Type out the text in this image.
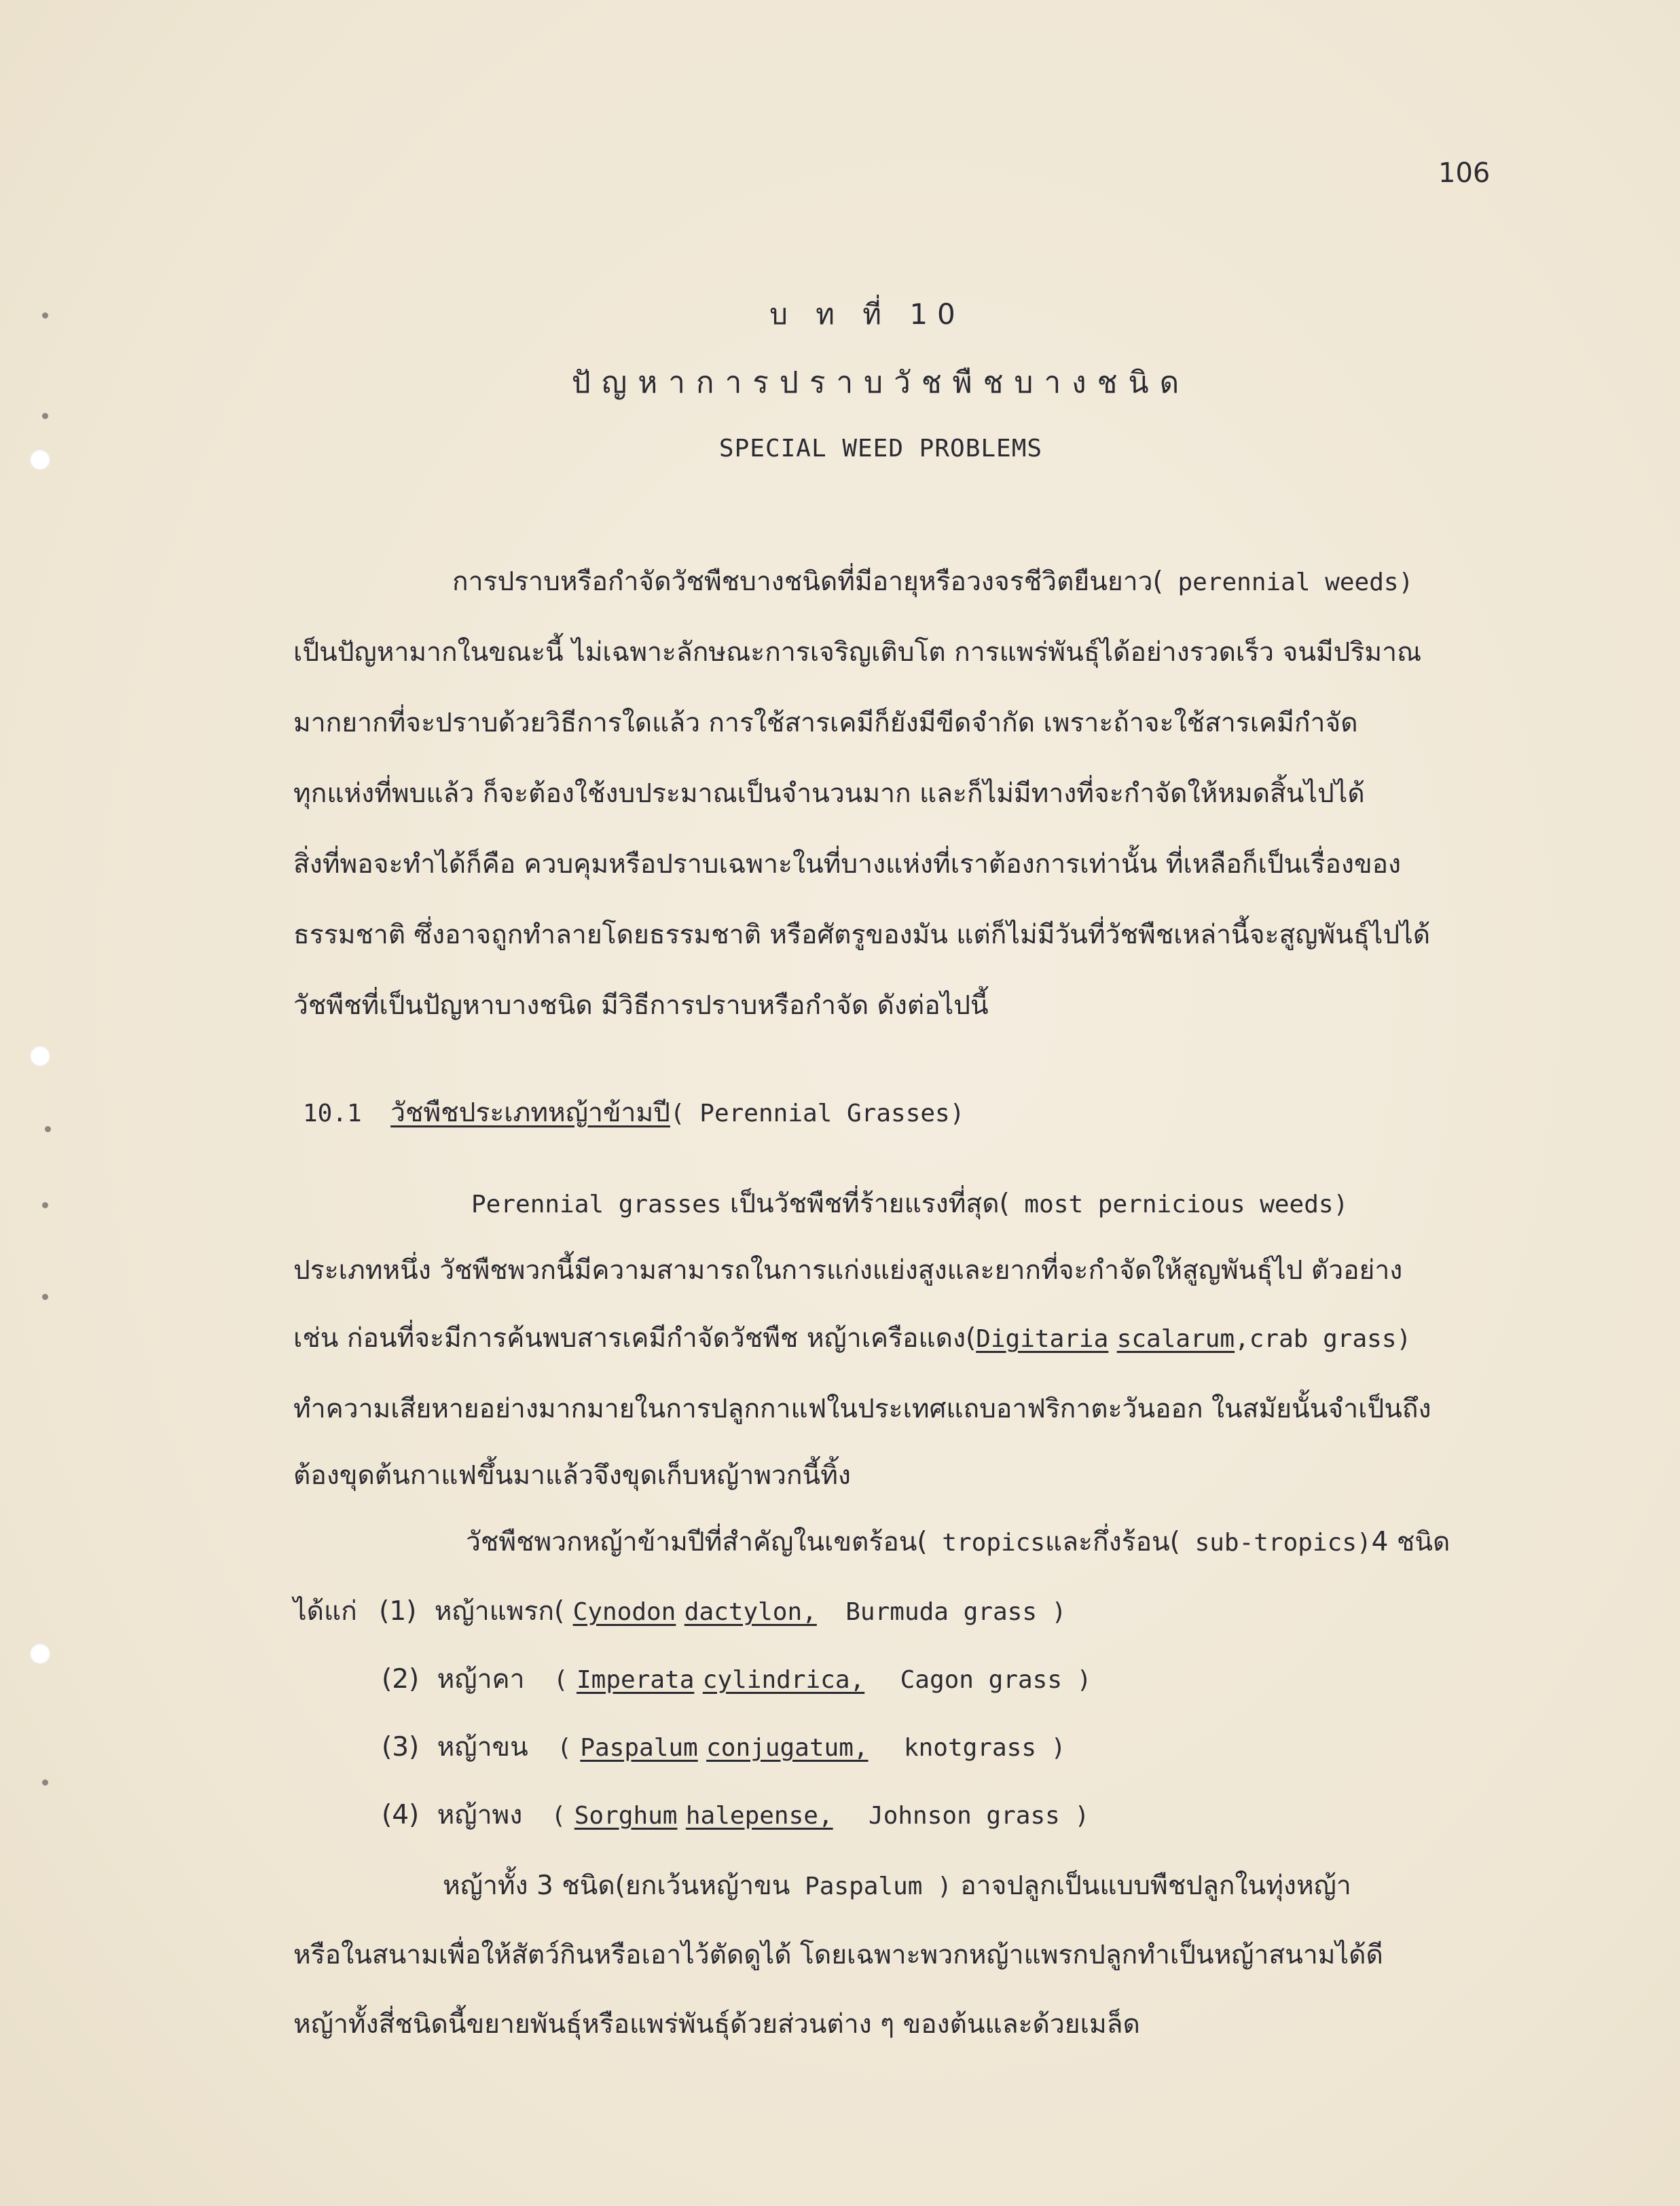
106
บ ท ที่ 10
ปัญหาการปราบวัชพืชบางชนิด
SPECIAL WEED PROBLEMS
การปราบหรือกำจัดวัชพืชบางชนิดที่มีอายุหรือวงจรชีวิตยืนยาว( perennial weeds)
เป็นปัญหามากในขณะนี้ ไม่เฉพาะลักษณะการเจริญเติบโต การแพร่พันธุ์ได้อย่างรวดเร็ว จนมีปริมาณ
มากยากที่จะปราบด้วยวิธีการใดแล้ว การใช้สารเคมีก็ยังมีขีดจำกัด เพราะถ้าจะใช้สารเคมีกำจัด
ทุกแห่งที่พบแล้ว ก็จะต้องใช้งบประมาณเป็นจำนวนมาก และก็ไม่มีทางที่จะกำจัดให้หมดสิ้นไปได้
สิ่งที่พอจะทำได้ก็คือ ควบคุมหรือปราบเฉพาะในที่บางแห่งที่เราต้องการเท่านั้น ที่เหลือก็เป็นเรื่องของ
ธรรมชาติ ซึ่งอาจถูกทำลายโดยธรรมชาติ หรือศัตรูของมัน แต่ก็ไม่มีวันที่วัชพืชเหล่านี้จะสูญพันธุ์ไปได้
วัชพืชที่เป็นปัญหาบางชนิด มีวิธีการปราบหรือกำจัด ดังต่อไปนี้
10.1 วัชพืชประเภทหญ้าข้ามปี( Perennial Grasses)
Perennial grasses เป็นวัชพืชที่ร้ายแรงที่สุด( most pernicious weeds)
ประเภทหนึ่ง วัชพืชพวกนี้มีความสามารถในการแก่งแย่งสูงและยากที่จะกำจัดให้สูญพันธุ์ไป ตัวอย่าง
เช่น ก่อนที่จะมีการค้นพบสารเคมีกำจัดวัชพืช หญ้าเครือแดง(Digitaria scalarum,crab grass)
ทำความเสียหายอย่างมากมายในการปลูกกาแฟในประเทศแถบอาฟริกาตะวันออก ในสมัยนั้นจำเป็นถึง
ต้องขุดต้นกาแฟขึ้นมาแล้วจึงขุดเก็บหญ้าพวกนี้ทิ้ง
วัชพืชพวกหญ้าข้ามปีที่สำคัญในเขตร้อน( tropicsและกึ่งร้อน( sub-tropics)4 ชนิด
ได้แก่ (1) หญ้าแพรก( Cynodon dactylon, Burmuda grass )
(2) หญ้าคา ( Imperata cylindrica, Cagon grass )
(3) หญ้าขน ( Paspalum conjugatum, knotgrass )
(4) หญ้าพง ( Sorghum halepense, Johnson grass )
หญ้าทั้ง 3 ชนิด(ยกเว้นหญ้าขน Paspalum ) อาจปลูกเป็นแบบพืชปลูกในทุ่งหญ้า
หรือในสนามเพื่อให้สัตว์กินหรือเอาไว้ตัดดูได้ โดยเฉพาะพวกหญ้าแพรกปลูกทำเป็นหญ้าสนามได้ดี
หญ้าทั้งสี่ชนิดนี้ขยายพันธุ์หรือแพร่พันธุ์ด้วยส่วนต่าง ๆ ของต้นและด้วยเมล็ด
